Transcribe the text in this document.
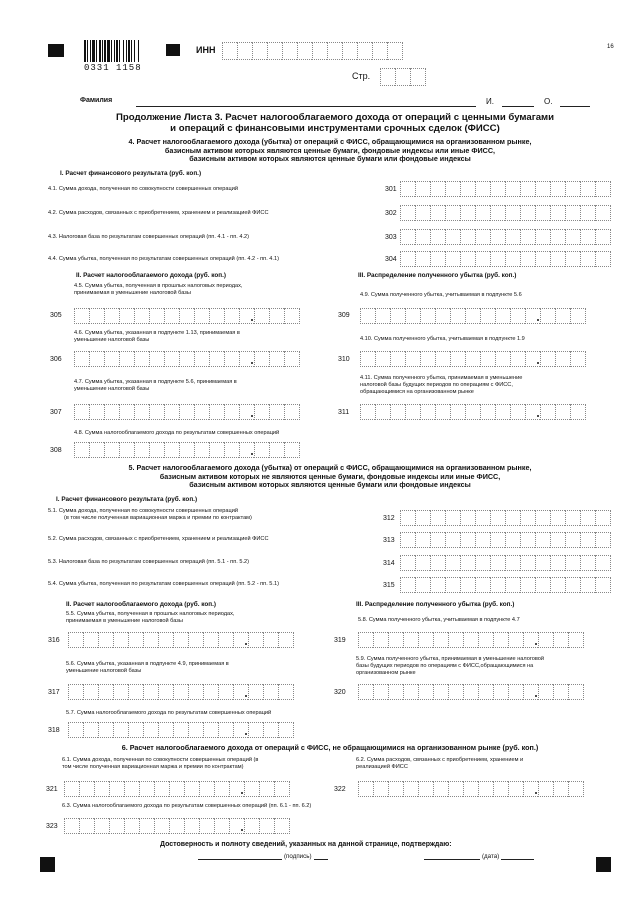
0331 1158
16
ИНН
Стр.
Фамилия	И.	О.
Продолжение Листа 3. Расчет налогооблагаемого дохода от операций с ценными бумагами
и операций с финансовыми инструментами срочных сделок (ФИСС)
4. Расчет налогооблагаемого дохода (убытка) от операций с ФИСС, обращающимися на организованном рынке,
базисным активом которых являются ценные бумаги, фондовые индексы или иные ФИСС,
базисным активом которых являются ценные бумаги или фондовые индексы
I. Расчет финансового результата (руб. коп.)
4.1. Сумма дохода, полученная по совокупности совершенных операций	301
4.2. Сумма расходов, связанных с приобретением, хранением и реализацией ФИСС	302
4.3. Налоговая база по результатам совершенных операций (пп. 4.1 - пп. 4.2)	303
4.4. Сумма убытка, полученная по результатам совершенных операций (пп. 4.2 - пп. 4.1)	304
II. Расчет налогооблагаемого дохода (руб. коп.)	III. Распределение полученного убытка (руб. коп.)
4.5. Сумма убытка, полученная в прошлых налоговых периодах,
принимаемая в уменьшение налоговой базы
305
4.9. Сумма полученного убытка, учитываемая в подпункте 5.6
309
4.6. Сумма убытка, указанная в подпункте 1.13, принимаемая в
уменьшение налоговой базы
306
4.10. Сумма полученного убытка, учитываемая в подпункте 1.9
310
4.7. Сумма убытка, указанная в подпункте 5.6, принимаемая в
уменьшение налоговой базы
307
4.11. Сумма полученного убытка, принимаемая в уменьшение
налоговой базы будущих периодов по операциям с ФИСС,
обращающимися на организованном рынке
311
4.8. Сумма налогооблагаемого дохода по результатам совершенных операций
308
5. Расчет налогооблагаемого дохода (убытка) от операций с ФИСС, обращающимися на организованном рынке,
базисным активом которых не являются ценные бумаги, фондовые индексы или иные ФИСС,
базисным активом которых являются ценные бумаги или фондовые индексы
I. Расчет финансового результата (руб. коп.)
5.1. Сумма дохода, полученная по совокупности совершенных операций
(в том числе полученная вариационная маржа и премии по контрактам)	312
5.2. Сумма расходов, связанных с приобретением, хранением и реализацией ФИСС	313
5.3. Налоговая база по результатам совершенных операций (пп. 5.1 - пп. 5.2)	314
5.4. Сумма убытка, полученная по результатам совершенных операций (пп. 5.2 - пп. 5.1)	315
II. Расчет налогооблагаемого дохода (руб. коп.)	III. Распределение полученного убытка (руб. коп.)
5.5. Сумма убытка, полученная в прошлых налоговых периодах,
принимаемая в уменьшение налоговой базы
316
5.8. Сумма полученного убытка, учитываемая в подпункте 4.7
319
5.6. Сумма убытка, указанная в подпункте 4.9, принимаемая в
уменьшение налоговой базы
317
5.9. Сумма полученного убытка, принимаемая в уменьшение налоговой
базы будущих периодов по операциям с ФИСС,обращающимися на
организованном рынке
320
5.7. Сумма налогооблагаемого дохода по результатам совершенных операций
318
6. Расчет налогооблагаемого дохода от операций с ФИСС, не обращающимися на организованном рынке (руб. коп.)
6.1. Сумма дохода, полученная по совокупности совершенных операций (в
том числе полученная вариационная маржа и премии по контрактам)
321
6.2. Сумма расходов, связанных с приобретением, хранением и
реализацией ФИСС
322
6.3. Сумма налогооблагаемого дохода по результатам совершенных операций (пп. 6.1 - пп. 6.2)
323
Достоверность и полноту сведений, указанных на данной странице, подтверждаю:
(подпись)	(дата)
